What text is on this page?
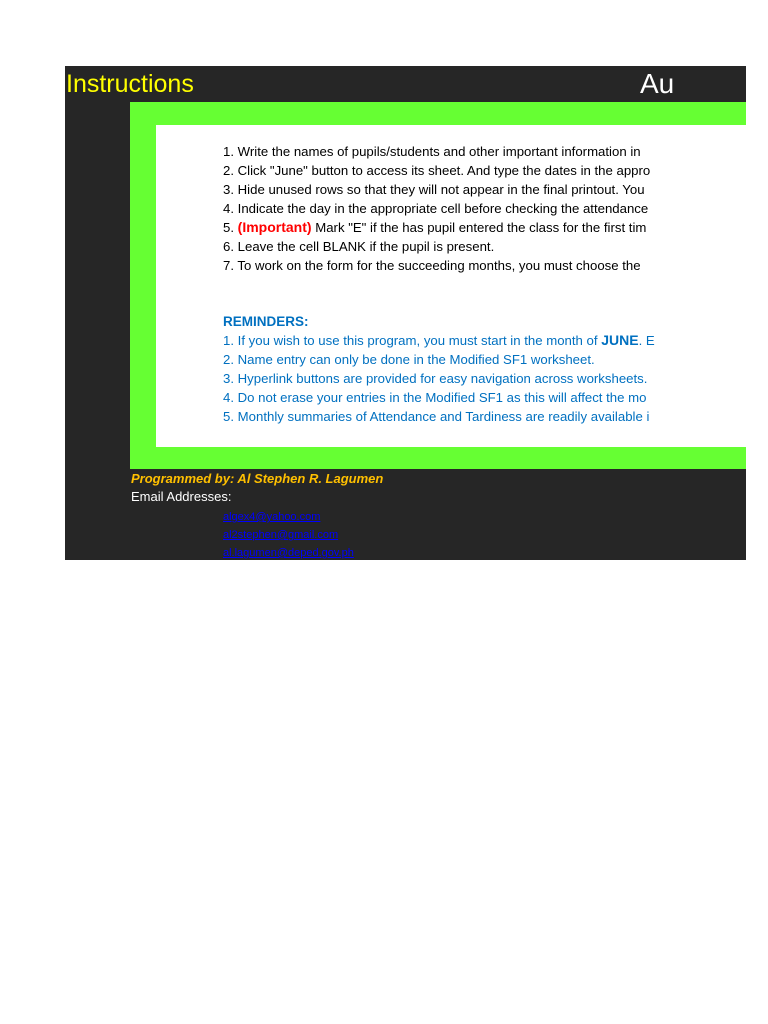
Instructions	Au
1. Write the names of pupils/students and other important information in
2. Click "June" button to access its sheet. And type the dates in the appro
3. Hide unused rows so that they will not appear in the final printout. You
4. Indicate the day in the appropriate cell before checking the attendance
5. (Important) Mark "E" if the has pupil entered the class for the first tim
6. Leave the cell BLANK if the pupil is present.
7. To work on the form for the succeeding months, you must choose the
REMINDERS:
1. If you wish to use this program, you must start in the month of JUNE. E
2. Name entry can only be done in the Modified SF1 worksheet.
3. Hyperlink buttons are provided for easy navigation across worksheets.
4. Do not erase your entries in the Modified SF1 as this will affect the mo
5. Monthly summaries of Attendance and Tardiness are readily available i
Programmed by: Al Stephen R. Lagumen
Email Addresses:
algex4@yahoo.com
al2stephen@gmail.com
al.lagumen@deped.gov.ph
